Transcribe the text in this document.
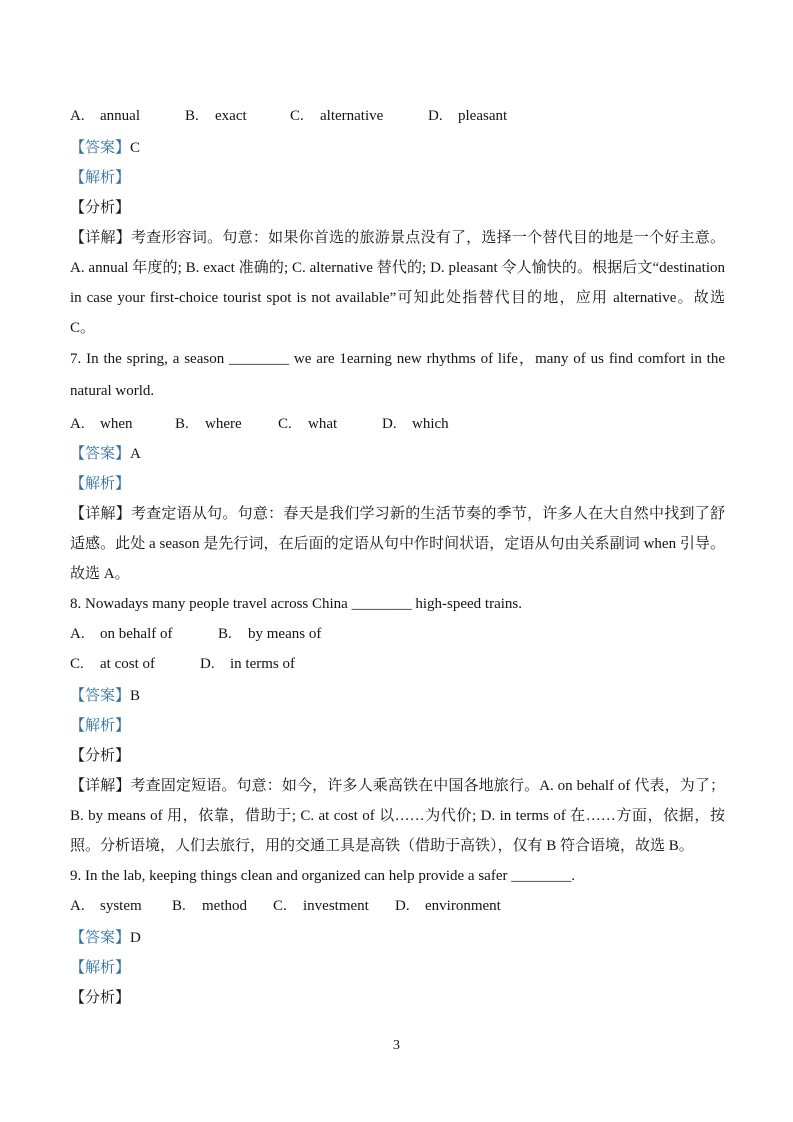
A. annual	B. exact	C. alternative	D. pleasant
【答案】C
【解析】
【分析】
【详解】考查形容词。句意：如果你首选的旅游景点没有了，选择一个替代目的地是一个好主意。
A. annual 年度的; B. exact 准确的; C. alternative 替代的; D. pleasant 令人愉快的。根据后文“destination
in case your first-choice tourist spot is not available”可知此处指替代目的地，应用 alternative。故选
C。
7. In the spring, a season ________ we are 1earning new rhythms of life，many of us find comfort in the
natural world.
A. when	B. where C. what	D. which
【答案】A
【解析】
【详解】考查定语从句。句意：春天是我们学习新的生活节奏的季节，许多人在大自然中找到了舒
适感。此处 a season 是先行词，在后面的定语从句中作时间状语，定语从句由关系副词 when 引导。
故选 A。
8. Nowadays many people travel across China ________ high-speed trains.
A. on behalf of	B. by means of
C. at cost of	D. in terms of
【答案】B
【解析】
【分析】
【详解】考查固定短语。句意：如今，许多人乘高铁在中国各地旅行。A. on behalf of 代表，为了；
B. by means of 用，依靠，借助于; C. at cost of 以……为代价; D. in terms of 在……方面，依据，按
照。分析语境，人们去旅行，用的交通工具是高铁（借助于高铁），仅有 B 符合语境，故选 B。
9. In the lab, keeping things clean and organized can help provide a safer ________.
A. system B. method C. investment D. environment
【答案】D
【解析】
【分析】
3
